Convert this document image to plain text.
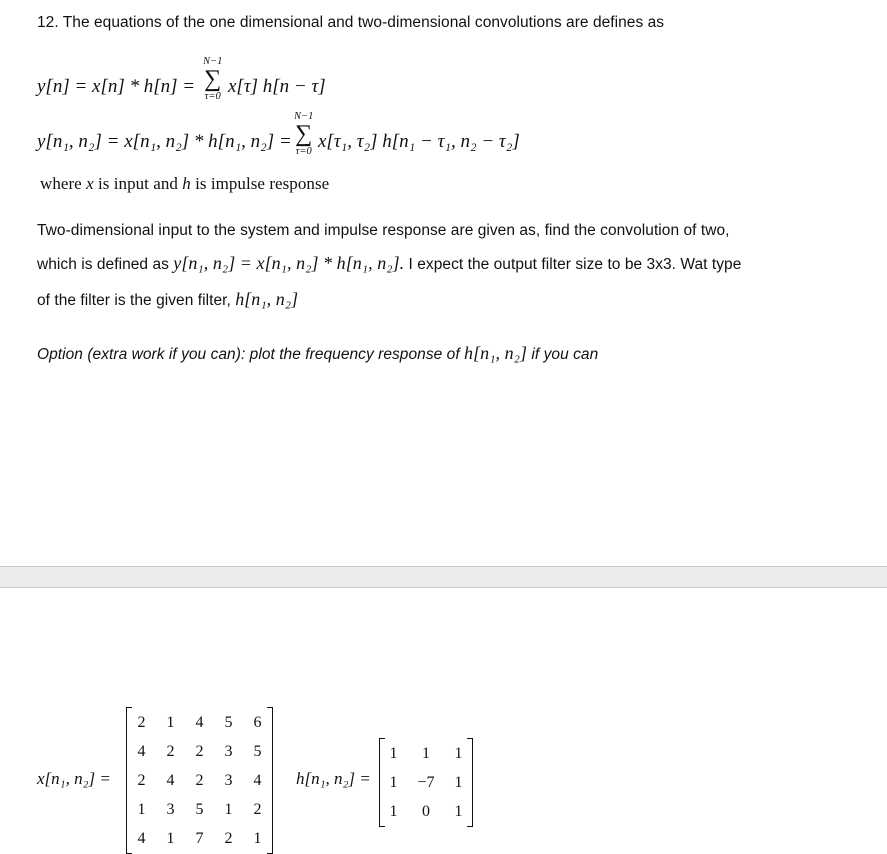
12. The equations of the one dimensional and two-dimensional convolutions are defines as
y[n] = x[n] * h[n] =
N−1
∑
τ=0 x[τ] h[n − τ]
y[n₁, n₂] = x[n₁, n₂] * h[n₁, n₂] =
N−1
∑
τ=0 x[τ₁, τ₂] h[n₁ − τ₁, n₂ − τ₂]
where x is input and h is impulse response
Two-dimensional input to the system and impulse response are given as, find the convolution of two,
which is defined as y[n₁, n₂] = x[n₁, n₂] * h[n₁, n₂]. I expect the output filter size to be 3x3. Wat type
of the filter is the given filter, h[n₁, n₂]
Option (extra work if you can): plot the frequency response of h[n₁, n₂] if you can
x[n₁, n₂] =
2	1	4	5	6
4	2	2	3	5
2	4	2	3	4
1	3	5	1	2
4	1	7	2	1
h[n₁, n₂] =
1	1	1
1	−7	1
1	0	1
